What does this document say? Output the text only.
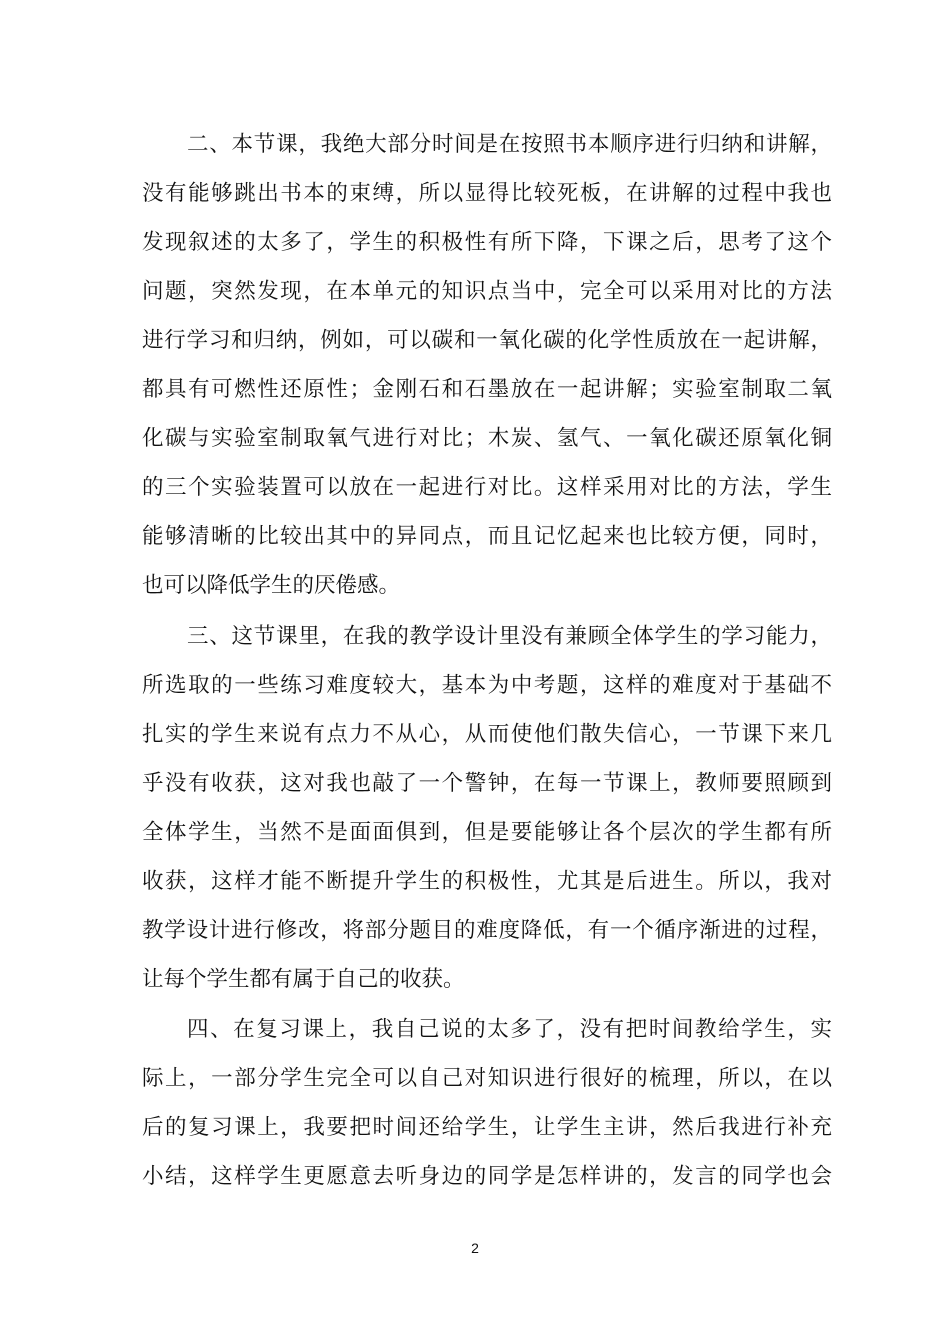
二、本节课，我绝大部分时间是在按照书本顺序进行归纳和讲解，
没有能够跳出书本的束缚，所以显得比较死板，在讲解的过程中我也
发现叙述的太多了，学生的积极性有所下降，下课之后，思考了这个
问题，突然发现，在本单元的知识点当中，完全可以采用对比的方法
进行学习和归纳，例如，可以碳和一氧化碳的化学性质放在一起讲解，
都具有可燃性还原性；金刚石和石墨放在一起讲解；实验室制取二氧
化碳与实验室制取氧气进行对比；木炭、氢气、一氧化碳还原氧化铜
的三个实验装置可以放在一起进行对比。这样采用对比的方法，学生
能够清晰的比较出其中的异同点，而且记忆起来也比较方便，同时，
也可以降低学生的厌倦感。
三、这节课里，在我的教学设计里没有兼顾全体学生的学习能力，
所选取的一些练习难度较大，基本为中考题，这样的难度对于基础不
扎实的学生来说有点力不从心，从而使他们散失信心，一节课下来几
乎没有收获，这对我也敲了一个警钟，在每一节课上，教师要照顾到
全体学生，当然不是面面俱到，但是要能够让各个层次的学生都有所
收获，这样才能不断提升学生的积极性，尤其是后进生。所以，我对
教学设计进行修改，将部分题目的难度降低，有一个循序渐进的过程，
让每个学生都有属于自己的收获。
四、在复习课上，我自己说的太多了，没有把时间教给学生，实
际上，一部分学生完全可以自己对知识进行很好的梳理，所以，在以
后的复习课上，我要把时间还给学生，让学生主讲，然后我进行补充
小结，这样学生更愿意去听身边的同学是怎样讲的，发言的同学也会
2
